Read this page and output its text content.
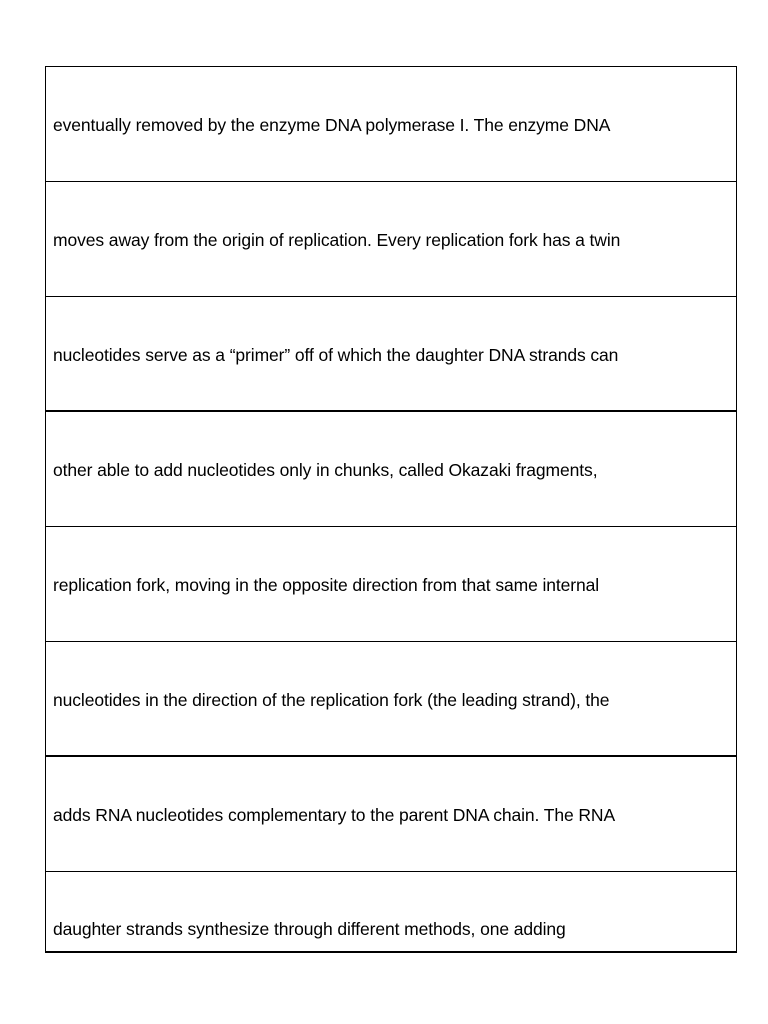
eventually removed by the enzyme DNA polymerase I. The enzyme DNA
moves away from the origin of replication. Every replication fork has a twin
nucleotides serve as a “primer” off of which the daughter DNA strands can
other able to add nucleotides only in chunks, called Okazaki fragments,
replication fork, moving in the opposite direction from that same internal
nucleotides in the direction of the replication fork (the leading strand), the
adds RNA nucleotides complementary to the parent DNA chain. The RNA
daughter strands synthesize through different methods, one adding
